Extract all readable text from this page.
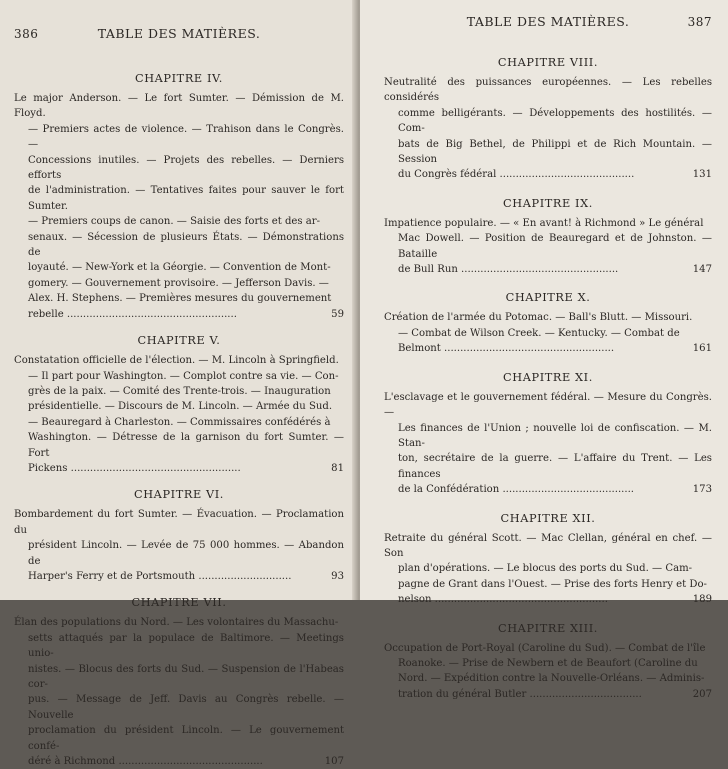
386	TABLE DES MATIÈRES.
CHAPITRE IV.
Le major Anderson. — Le fort Sumter. — Démission de M. Floyd.
— Premiers actes de violence. — Trahison dans le Congrès. —
Concessions inutiles. — Projets des rebelles. — Derniers efforts
de l'administration. — Tentatives faites pour sauver le fort Sumter.
— Premiers coups de canon. — Saisie des forts et des ar-
senaux. — Sécession de plusieurs États. — Démonstrations de
loyauté. — New-York et la Géorgie. — Convention de Mont-
gomery. — Gouvernement provisoire. — Jefferson Davis. —
Alex. H. Stephens. — Premières mesures du gouvernement
59
rebelle .....................................................
CHAPITRE V.
Constatation officielle de l'élection. — M. Lincoln à Springfield.
— Il part pour Washington. — Complot contre sa vie. — Con-
grès de la paix. — Comité des Trente-trois. — Inauguration
présidentielle. — Discours de M. Lincoln. — Armée du Sud.
— Beauregard à Charleston. — Commissaires confédérés à
Washington. — Détresse de la garnison du fort Sumter. — Fort
81
Pickens .....................................................
CHAPITRE VI.
Bombardement du fort Sumter. — Évacuation. — Proclamation du
président Lincoln. — Levée de 75 000 hommes. — Abandon de
93
Harper's Ferry et de Portsmouth .............................
CHAPITRE VII.
Élan des populations du Nord. — Les volontaires du Massachu-
setts attaqués par la populace de Baltimore. — Meetings unio-
nistes. — Blocus des forts du Sud. — Suspension de l'Habeas cor-
pus. — Message de Jeff. Davis au Congrès rebelle. — Nouvelle
proclamation du président Lincoln. — Le gouvernement confé-
107
déré à Richmond .............................................
TABLE DES MATIÈRES.	387
CHAPITRE VIII.
Neutralité des puissances européennes. — Les rebelles considérés
comme belligérants. — Développements des hostilités. — Com-
bats de Big Bethel, de Philippi et de Rich Mountain. — Session
131
du Congrès fédéral ..........................................
CHAPITRE IX.
Impatience populaire. — « En avant! à Richmond » Le général
Mac Dowell. — Position de Beauregard et de Johnston. — Bataille
147
de Bull Run .................................................
CHAPITRE X.
Création de l'armée du Potomac. — Ball's Blutt. — Missouri.
— Combat de Wilson Creek. — Kentucky. — Combat de
161
Belmont .....................................................
CHAPITRE XI.
L'esclavage et le gouvernement fédéral. — Mesure du Congrès. —
Les finances de l'Union ; nouvelle loi de confiscation. — M. Stan-
ton, secrétaire de la guerre. — L'affaire du Trent. — Les finances
173
de la Confédération .........................................
CHAPITRE XII.
Retraite du général Scott. — Mac Clellan, général en chef. — Son
plan d'opérations. — Le blocus des ports du Sud. — Cam-
pagne de Grant dans l'Ouest. — Prise des forts Henry et Do-
189
nelson ......................................................
CHAPITRE XIII.
Occupation de Port-Royal (Caroline du Sud). — Combat de l'île
Roanoke. — Prise de Newbern et de Beaufort (Caroline du
Nord. — Expédition contre la Nouvelle-Orléans. — Adminis-
207
tration du général Butler ...................................
